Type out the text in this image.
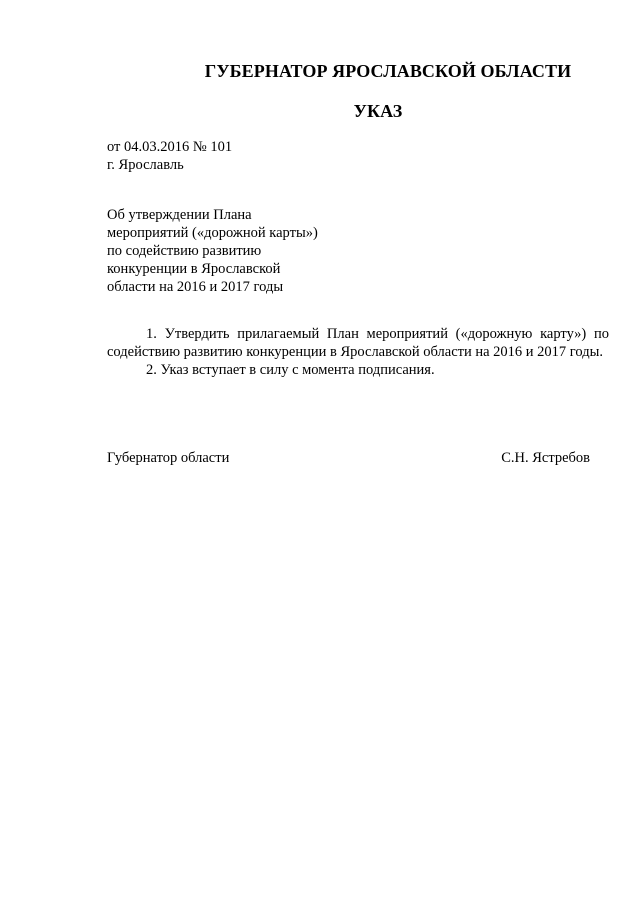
ГУБЕРНАТОР ЯРОСЛАВСКОЙ ОБЛАСТИ
УКАЗ
от 04.03.2016 № 101
г. Ярославль
Об утверждении Плана
мероприятий («дорожной карты»)
по содействию развитию
конкуренции в Ярославской
области на 2016 и 2017 годы

1. Утвердить прилагаемый План мероприятий («дорожную карту») по содействию развитию конкуренции в Ярославской области на 2016 и 2017 годы.

2. Указ вступает в силу с момента подписания.

Губернатор области	С.Н. Ястребов
